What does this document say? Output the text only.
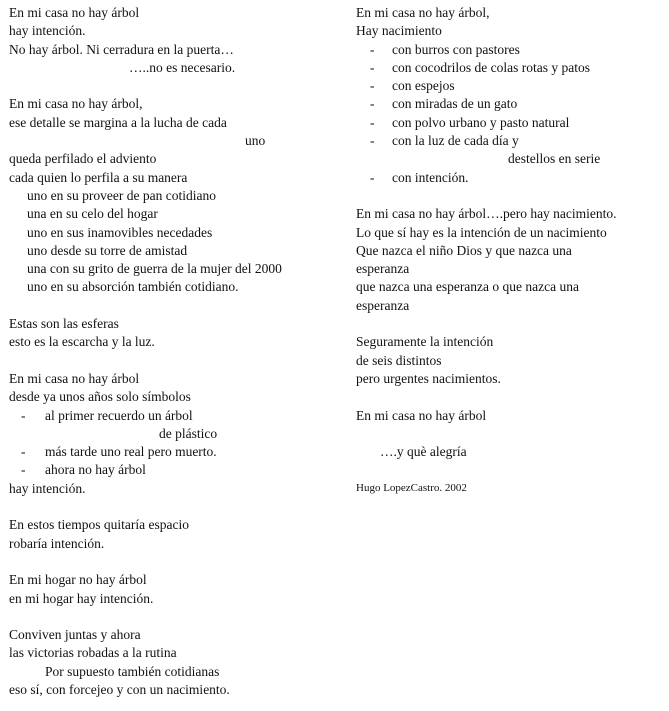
En mi casa no hay árbol
hay intención.
No hay árbol. Ni cerradura en la puerta…
…..no es necesario.
En mi casa no hay árbol,
ese detalle se margina a la lucha de cada
uno
queda perfilado el adviento
cada quien lo perfila a su manera
uno en su proveer de pan cotidiano
una en su celo del hogar
uno en sus inamovibles necedades
uno desde su torre de amistad
una con su grito de guerra de la mujer del 2000
uno en su absorción también cotidiano.
Estas son las esferas
esto es la escarcha y la luz.
En mi casa no hay árbol
desde ya unos años solo símbolos
- al primer recuerdo un árbol
de plástico
- más tarde uno real pero muerto.
- ahora no hay árbol
hay intención.
En estos tiempos quitaría espacio
robaría intención.
En mi hogar no hay árbol
en mi hogar hay intención.
Conviven juntas y ahora
las victorias robadas a la rutina
Por supuesto también cotidianas
eso sí, con forcejeo y con un nacimiento.
En mi casa no hay árbol,
Hay nacimiento
- con burros con pastores
- con cocodrilos de colas rotas y patos
- con espejos
- con miradas de un gato
- con polvo urbano y pasto natural
- con la luz de cada día y
destellos en serie
- con intención.
En mi casa no hay árbol….pero hay nacimiento.
Lo que sí hay es la intención de un nacimiento
Que nazca el niño Dios y que nazca una
esperanza
que nazca una esperanza o que nazca una
esperanza
Seguramente la intención
de seis distintos
pero urgentes nacimientos.
En mi casa no hay árbol
….y què alegría
Hugo LopezCastro. 2002
